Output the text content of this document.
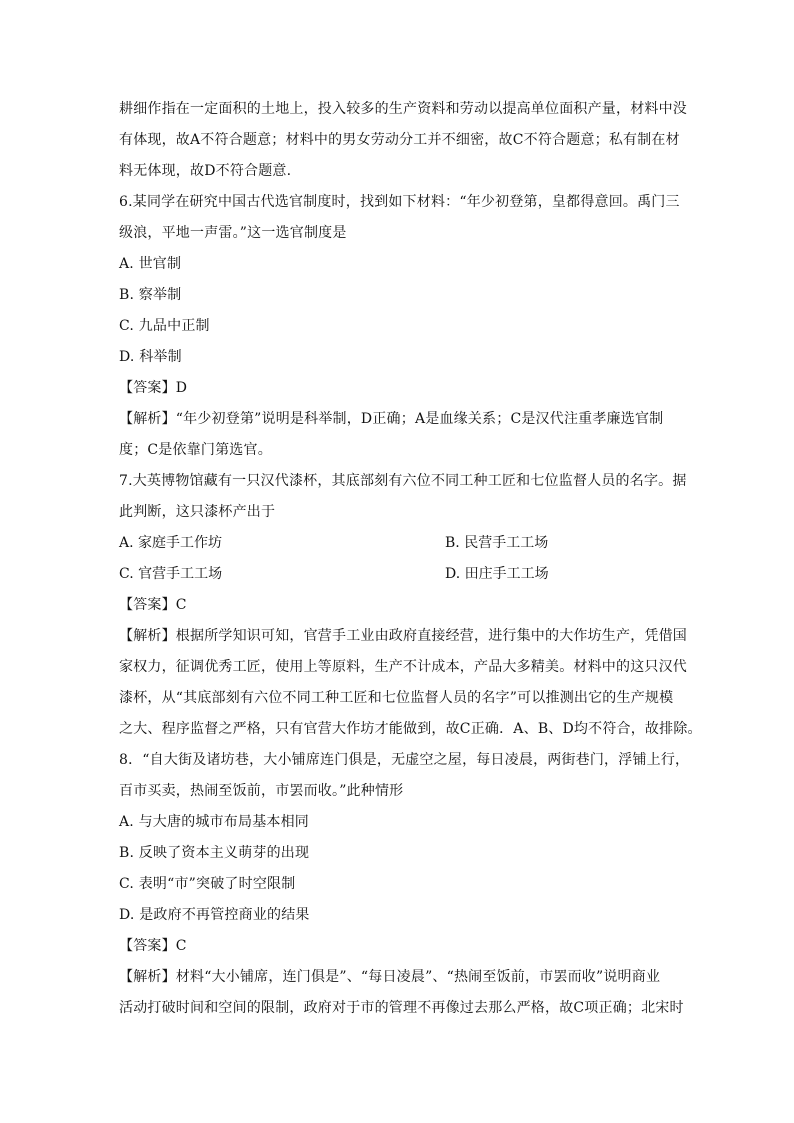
耕细作指在一定面积的土地上，投入较多的生产资料和劳动以提高单位面积产量，材料中没
有体现，故A不符合题意；材料中的男女劳动分工并不细密，故C不符合题意；私有制在材
料无体现，故D不符合题意.
6.某同学在研究中国古代选官制度时，找到如下材料：“年少初登第，皇都得意回。禹门三
级浪，平地一声雷。”这一选官制度是
A. 世官制
B. 察举制
C. 九品中正制
D. 科举制
【答案】D
【解析】“年少初登第”说明是科举制，D正确；A是血缘关系；C是汉代注重孝廉选官制
度；C是依靠门第选官。
7.大英博物馆藏有一只汉代漆杯，其底部刻有六位不同工种工匠和七位监督人员的名字。据
此判断，这只漆杯产出于
A. 家庭手工作坊	B. 民营手工工场
C. 官营手工工场	D. 田庄手工工场
【答案】C
【解析】根据所学知识可知，官营手工业由政府直接经营，进行集中的大作坊生产，凭借国
家权力，征调优秀工匠，使用上等原料，生产不计成本，产品大多精美。材料中的这只汉代
漆杯，从“其底部刻有六位不同工种工匠和七位监督人员的名字”可以推测出它的生产规模
之大、程序监督之严格，只有官营大作坊才能做到，故C正确．A、B、D均不符合，故排除。
8．“自大街及诸坊巷，大小铺席连门俱是，无虚空之屋，每日凌晨，两街巷门，浮铺上行，
百市买卖，热闹至饭前，市罢而收。”此种情形
A. 与大唐的城市布局基本相同
B. 反映了资本主义萌芽的出现
C. 表明“市”突破了时空限制
D. 是政府不再管控商业的结果
【答案】C
【解析】材料“大小铺席，连门俱是”、“每日凌晨”、“热闹至饭前，市罢而收”说明商业
活动打破时间和空间的限制，政府对于市的管理不再像过去那么严格，故C项正确；北宋时
